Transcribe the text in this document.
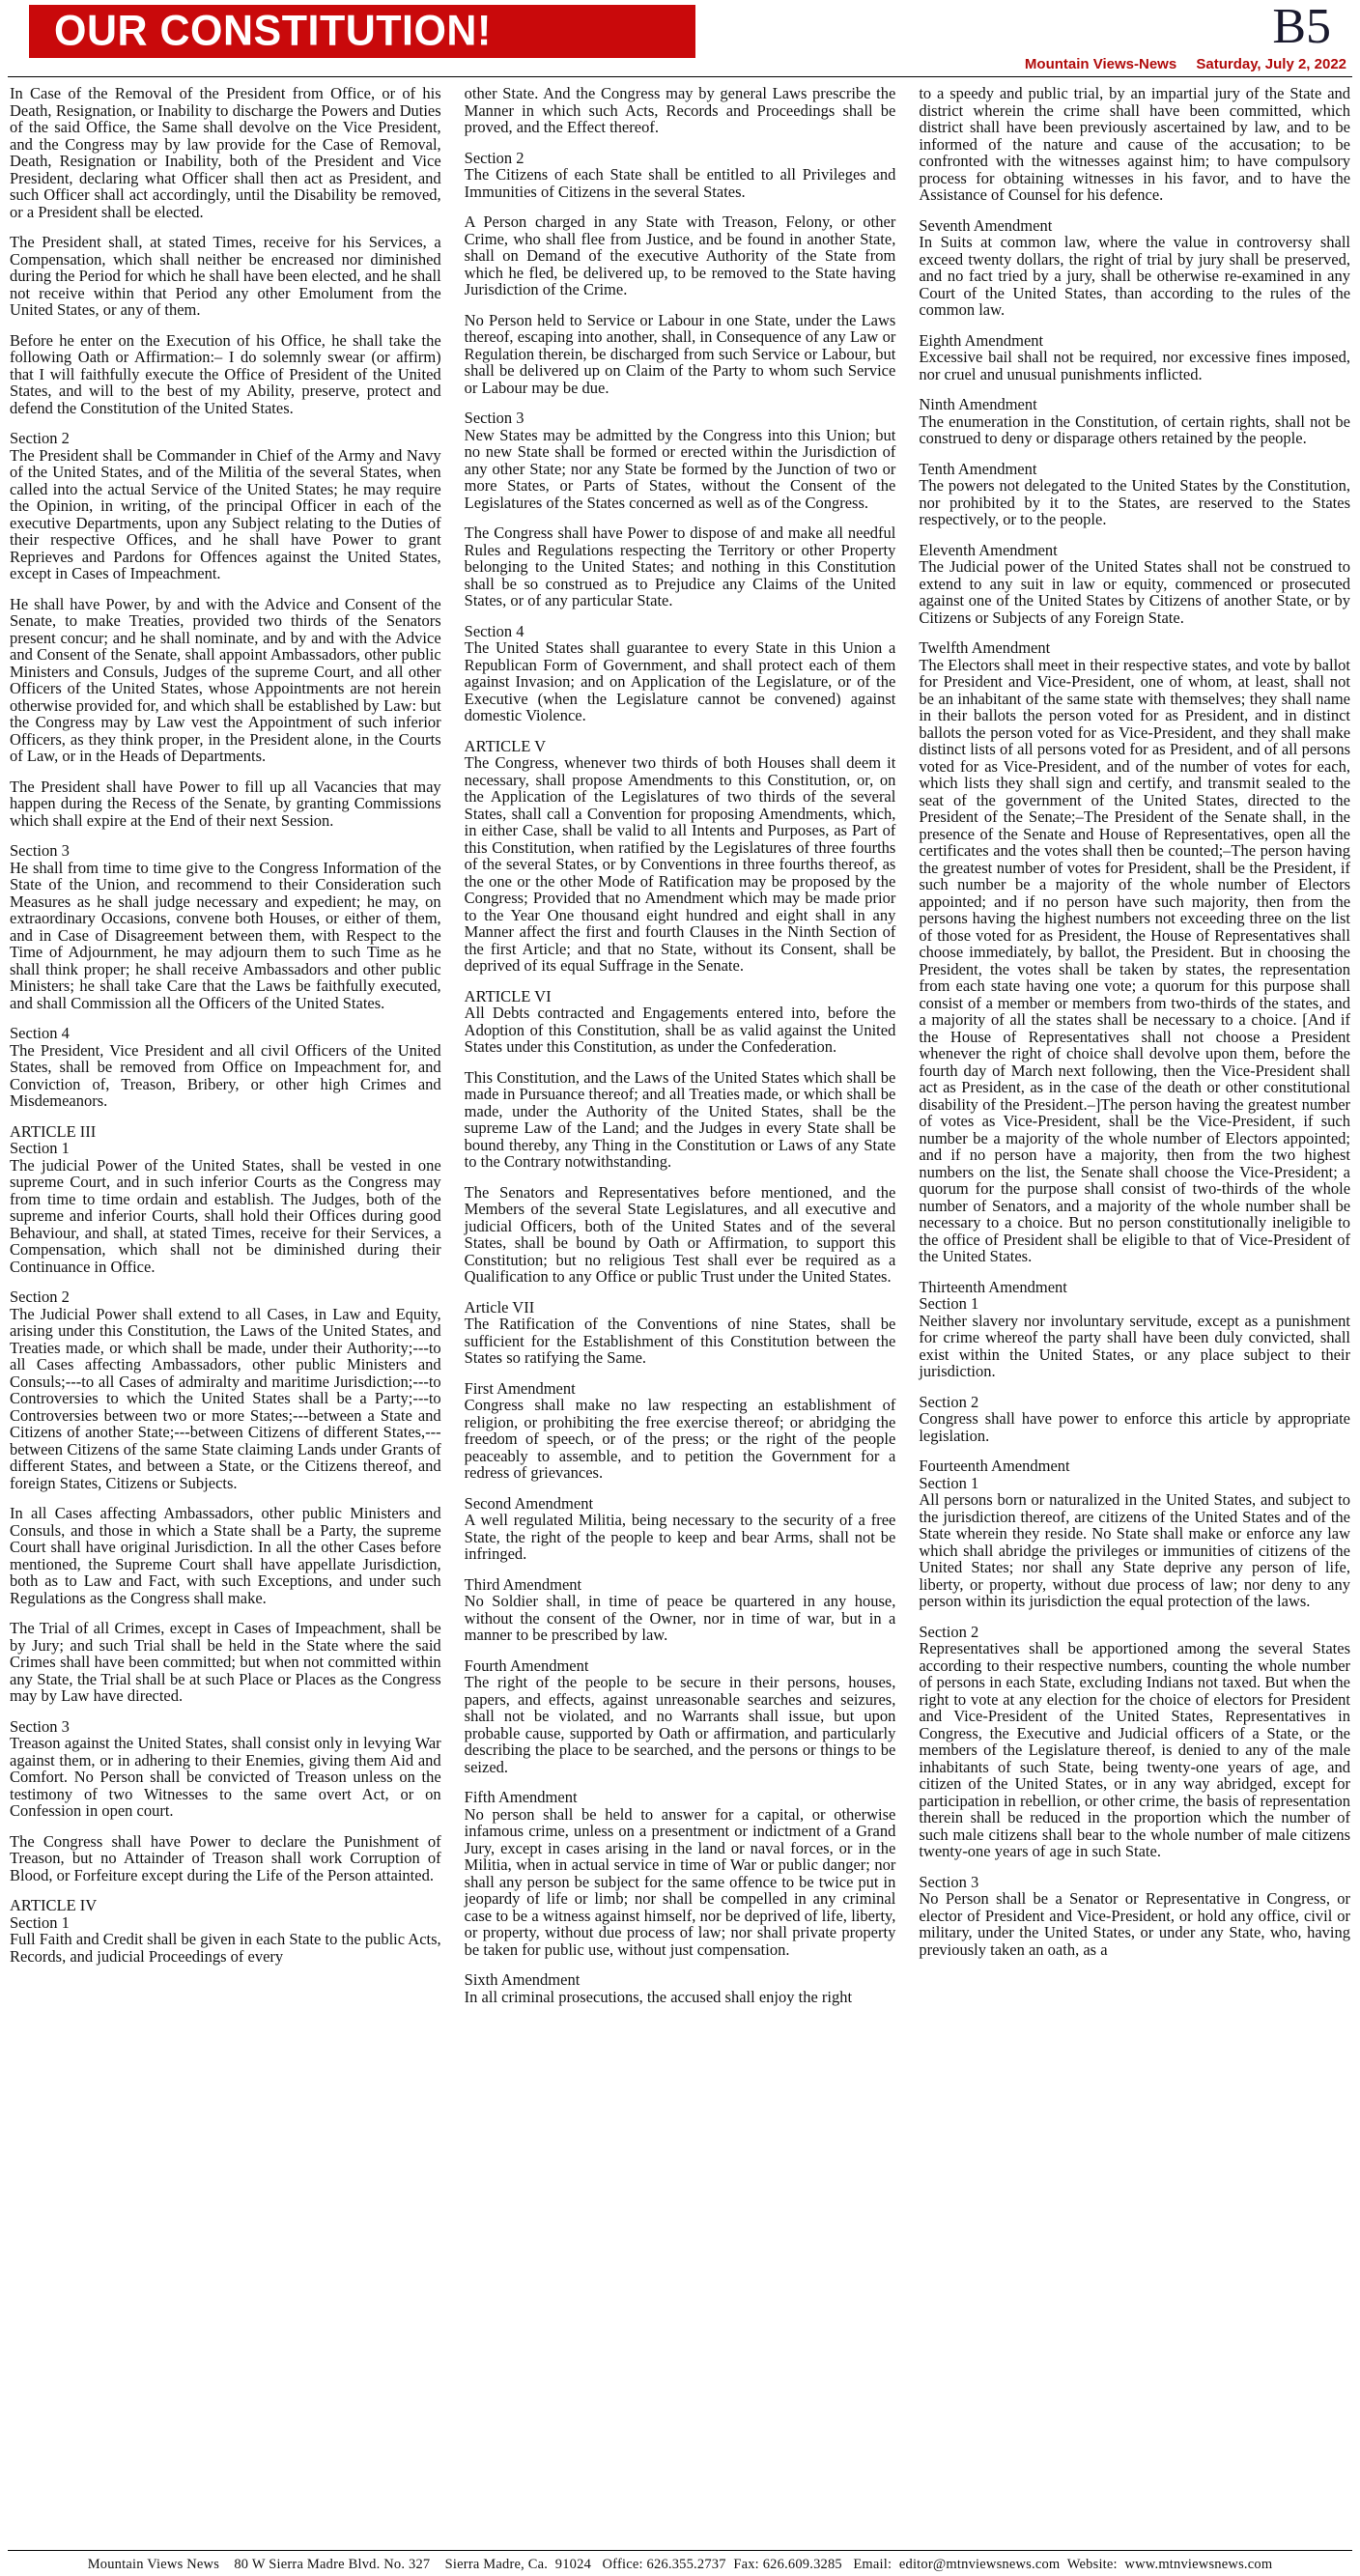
OUR CONSTITUTION!	B5
Mountain Views-News Saturday, July 2, 2022

In Case of the Removal of the President from Office, or of his Death, Resignation, or Inability to discharge the Powers and Duties of the said Office, the Same shall devolve on the Vice President, and the Congress may by law provide for the Case of Removal, Death, Resignation or Inability, both of the President and Vice President, declaring what Officer shall then act as President, and such Officer shall act accordingly, until the Disability be removed, or a President shall be elected.

The President shall, at stated Times, receive for his Services, a Compensation, which shall neither be encreased nor diminished during the Period for which he shall have been elected, and he shall not receive within that Period any other Emolument from the United States, or any of them.

Before he enter on the Execution of his Office, he shall take the following Oath or Affirmation:– I do solemnly swear (or affirm) that I will faithfully execute the Office of President of the United States, and will to the best of my Ability, preserve, protect and defend the Constitution of the United States.

Section 2

The President shall be Commander in Chief of the Army and Navy of the United States, and of the Militia of the several States, when called into the actual Service of the United States; he may require the Opinion, in writing, of the principal Officer in each of the executive Departments, upon any Subject relating to the Duties of their respective Offices, and he shall have Power to grant Reprieves and Pardons for Offences against the United States, except in Cases of Impeachment.

He shall have Power, by and with the Advice and Consent of the Senate, to make Treaties, provided two thirds of the Senators present concur; and he shall nominate, and by and with the Advice and Consent of the Senate, shall appoint Ambassadors, other public Ministers and Consuls, Judges of the supreme Court, and all other Officers of the United States, whose Appointments are not herein otherwise provided for, and which shall be established by Law: but the Congress may by Law vest the Appointment of such inferior Officers, as they think proper, in the President alone, in the Courts of Law, or in the Heads of Departments.

The President shall have Power to fill up all Vacancies that may happen during the Recess of the Senate, by granting Commissions which shall expire at the End of their next Session.

Section 3

He shall from time to time give to the Congress Information of the State of the Union, and recommend to their Consideration such Measures as he shall judge necessary and expedient; he may, on extraordinary Occasions, convene both Houses, or either of them, and in Case of Disagreement between them, with Respect to the Time of Adjournment, he may adjourn them to such Time as he shall think proper; he shall receive Ambassadors and other public Ministers; he shall take Care that the Laws be faithfully executed, and shall Commission all the Officers of the United States.

Section 4

The President, Vice President and all civil Officers of the United States, shall be removed from Office on Impeachment for, and Conviction of, Treason, Bribery, or other high Crimes and Misdemeanors.

ARTICLE III
Section 1

The judicial Power of the United States, shall be vested in one supreme Court, and in such inferior Courts as the Congress may from time to time ordain and establish. The Judges, both of the supreme and inferior Courts, shall hold their Offices during good Behaviour, and shall, at stated Times, receive for their Services, a Compensation, which shall not be diminished during their Continuance in Office.

Section 2

The Judicial Power shall extend to all Cases, in Law and Equity, arising under this Constitution, the Laws of the United States, and Treaties made, or which shall be made, under their Authority;---to all Cases affecting Ambassadors, other public Ministers and Consuls;---to all Cases of admiralty and maritime Jurisdiction;---to Controversies to which the United States shall be a Party;---to Controversies between two or more States;---between a State and Citizens of another State;---between Citizens of different States,---between Citizens of the same State claiming Lands under Grants of different States, and between a State, or the Citizens thereof, and foreign States, Citizens or Subjects.

In all Cases affecting Ambassadors, other public Ministers and Consuls, and those in which a State shall be a Party, the supreme Court shall have original Jurisdiction. In all the other Cases before mentioned, the Supreme Court shall have appellate Jurisdiction, both as to Law and Fact, with such Exceptions, and under such Regulations as the Congress shall make.

The Trial of all Crimes, except in Cases of Impeachment, shall be by Jury; and such Trial shall be held in the State where the said Crimes shall have been committed; but when not committed within any State, the Trial shall be at such Place or Places as the Congress may by Law have directed.

Section 3

Treason against the United States, shall consist only in levying War against them, or in adhering to their Enemies, giving them Aid and Comfort. No Person shall be convicted of Treason unless on the testimony of two Witnesses to the same overt Act, or on Confession in open court.

The Congress shall have Power to declare the Punishment of Treason, but no Attainder of Treason shall work Corruption of Blood, or Forfeiture except during the Life of the Person attainted.

ARTICLE IV
Section 1

Full Faith and Credit shall be given in each State to the public Acts, Records, and judicial Proceedings of every

other State. And the Congress may by general Laws prescribe the Manner in which such Acts, Records and Proceedings shall be proved, and the Effect thereof.

Section 2

The Citizens of each State shall be entitled to all Privileges and Immunities of Citizens in the several States.

A Person charged in any State with Treason, Felony, or other Crime, who shall flee from Justice, and be found in another State, shall on Demand of the executive Authority of the State from which he fled, be delivered up, to be removed to the State having Jurisdiction of the Crime.

No Person held to Service or Labour in one State, under the Laws thereof, escaping into another, shall, in Consequence of any Law or Regulation therein, be discharged from such Service or Labour, but shall be delivered up on Claim of the Party to whom such Service or Labour may be due.

Section 3

New States may be admitted by the Congress into this Union; but no new State shall be formed or erected within the Jurisdiction of any other State; nor any State be formed by the Junction of two or more States, or Parts of States, without the Consent of the Legislatures of the States concerned as well as of the Congress.

The Congress shall have Power to dispose of and make all needful Rules and Regulations respecting the Territory or other Property belonging to the United States; and nothing in this Constitution shall be so construed as to Prejudice any Claims of the United States, or of any particular State.

Section 4

The United States shall guarantee to every State in this Union a Republican Form of Government, and shall protect each of them against Invasion; and on Application of the Legislature, or of the Executive (when the Legislature cannot be convened) against domestic Violence.

ARTICLE V

The Congress, whenever two thirds of both Houses shall deem it necessary, shall propose Amendments to this Constitution, or, on the Application of the Legislatures of two thirds of the several States, shall call a Convention for proposing Amendments, which, in either Case, shall be valid to all Intents and Purposes, as Part of this Constitution, when ratified by the Legislatures of three fourths of the several States, or by Conventions in three fourths thereof, as the one or the other Mode of Ratification may be proposed by the Congress; Provided that no Amendment which may be made prior to the Year One thousand eight hundred and eight shall in any Manner affect the first and fourth Clauses in the Ninth Section of the first Article; and that no State, without its Consent, shall be deprived of its equal Suffrage in the Senate.

ARTICLE VI

All Debts contracted and Engagements entered into, before the Adoption of this Constitution, shall be as valid against the United States under this Constitution, as under the Confederation.

This Constitution, and the Laws of the United States which shall be made in Pursuance thereof; and all Treaties made, or which shall be made, under the Authority of the United States, shall be the supreme Law of the Land; and the Judges in every State shall be bound thereby, any Thing in the Constitution or Laws of any State to the Contrary notwithstanding.

The Senators and Representatives before mentioned, and the Members of the several State Legislatures, and all executive and judicial Officers, both of the United States and of the several States, shall be bound by Oath or Affirmation, to support this Constitution; but no religious Test shall ever be required as a Qualification to any Office or public Trust under the United States.

Article VII

The Ratification of the Conventions of nine States, shall be sufficient for the Establishment of this Constitution between the States so ratifying the Same.

First Amendment

Congress shall make no law respecting an establishment of religion, or prohibiting the free exercise thereof; or abridging the freedom of speech, or of the press; or the right of the people peaceably to assemble, and to petition the Government for a redress of grievances.

Second Amendment

A well regulated Militia, being necessary to the security of a free State, the right of the people to keep and bear Arms, shall not be infringed.

Third Amendment

No Soldier shall, in time of peace be quartered in any house, without the consent of the Owner, nor in time of war, but in a manner to be prescribed by law.

Fourth Amendment

The right of the people to be secure in their persons, houses, papers, and effects, against unreasonable searches and seizures, shall not be violated, and no Warrants shall issue, but upon probable cause, supported by Oath or affirmation, and particularly describing the place to be searched, and the persons or things to be seized.

Fifth Amendment

No person shall be held to answer for a capital, or otherwise infamous crime, unless on a presentment or indictment of a Grand Jury, except in cases arising in the land or naval forces, or in the Militia, when in actual service in time of War or public danger; nor shall any person be subject for the same offence to be twice put in jeopardy of life or limb; nor shall be compelled in any criminal case to be a witness against himself, nor be deprived of life, liberty, or property, without due process of law; nor shall private property be taken for public use, without just compensation.

Sixth Amendment

In all criminal prosecutions, the accused shall enjoy the right

to a speedy and public trial, by an impartial jury of the State and district wherein the crime shall have been committed, which district shall have been previously ascertained by law, and to be informed of the nature and cause of the accusation; to be confronted with the witnesses against him; to have compulsory process for obtaining witnesses in his favor, and to have the Assistance of Counsel for his defence.

Seventh Amendment

In Suits at common law, where the value in controversy shall exceed twenty dollars, the right of trial by jury shall be preserved, and no fact tried by a jury, shall be otherwise re-examined in any Court of the United States, than according to the rules of the common law.

Eighth Amendment

Excessive bail shall not be required, nor excessive fines imposed, nor cruel and unusual punishments inflicted.

Ninth Amendment

The enumeration in the Constitution, of certain rights, shall not be construed to deny or disparage others retained by the people.

Tenth Amendment

The powers not delegated to the United States by the Constitution, nor prohibited by it to the States, are reserved to the States respectively, or to the people.

Eleventh Amendment

The Judicial power of the United States shall not be construed to extend to any suit in law or equity, commenced or prosecuted against one of the United States by Citizens of another State, or by Citizens or Subjects of any Foreign State.

Twelfth Amendment

The Electors shall meet in their respective states, and vote by ballot for President and Vice-President, one of whom, at least, shall not be an inhabitant of the same state with themselves; they shall name in their ballots the person voted for as President, and in distinct ballots the person voted for as Vice-President, and they shall make distinct lists of all persons voted for as President, and of all persons voted for as Vice-President, and of the number of votes for each, which lists they shall sign and certify, and transmit sealed to the seat of the government of the United States, directed to the President of the Senate;–The President of the Senate shall, in the presence of the Senate and House of Representatives, open all the certificates and the votes shall then be counted;–The person having the greatest number of votes for President, shall be the President, if such number be a majority of the whole number of Electors appointed; and if no person have such majority, then from the persons having the highest numbers not exceeding three on the list of those voted for as President, the House of Representatives shall choose immediately, by ballot, the President. But in choosing the President, the votes shall be taken by states, the representation from each state having one vote; a quorum for this purpose shall consist of a member or members from two-thirds of the states, and a majority of all the states shall be necessary to a choice. [And if the House of Representatives shall not choose a President whenever the right of choice shall devolve upon them, before the fourth day of March next following, then the Vice-President shall act as President, as in the case of the death or other constitutional disability of the President.–]The person having the greatest number of votes as Vice-President, shall be the Vice-President, if such number be a majority of the whole number of Electors appointed; and if no person have a majority, then from the two highest numbers on the list, the Senate shall choose the Vice-President; a quorum for the purpose shall consist of two-thirds of the whole number of Senators, and a majority of the whole number shall be necessary to a choice. But no person constitutionally ineligible to the office of President shall be eligible to that of Vice-President of the United States.

Thirteenth Amendment
Section 1

Neither slavery nor involuntary servitude, except as a punishment for crime whereof the party shall have been duly convicted, shall exist within the United States, or any place subject to their jurisdiction.

Section 2

Congress shall have power to enforce this article by appropriate legislation.

Fourteenth Amendment
Section 1

All persons born or naturalized in the United States, and subject to the jurisdiction thereof, are citizens of the United States and of the State wherein they reside. No State shall make or enforce any law which shall abridge the privileges or immunities of citizens of the United States; nor shall any State deprive any person of life, liberty, or property, without due process of law; nor deny to any person within its jurisdiction the equal protection of the laws.

Section 2

Representatives shall be apportioned among the several States according to their respective numbers, counting the whole number of persons in each State, excluding Indians not taxed. But when the right to vote at any election for the choice of electors for President and Vice-President of the United States, Representatives in Congress, the Executive and Judicial officers of a State, or the members of the Legislature thereof, is denied to any of the male inhabitants of such State, being twenty-one years of age, and citizen of the United States, or in any way abridged, except for participation in rebellion, or other crime, the basis of representation therein shall be reduced in the proportion which the number of such male citizens shall bear to the whole number of male citizens twenty-one years of age in such State.

Section 3

No Person shall be a Senator or Representative in Congress, or elector of President and Vice-President, or hold any office, civil or military, under the United States, or under any State, who, having previously taken an oath, as a

Mountain Views News    80 W Sierra Madre Blvd. No. 327    Sierra Madre, Ca.  91024   Office: 626.355.2737  Fax: 626.609.3285   Email:  editor@mtnviewsnews.com  Website:  www.mtnviewsnews.com
